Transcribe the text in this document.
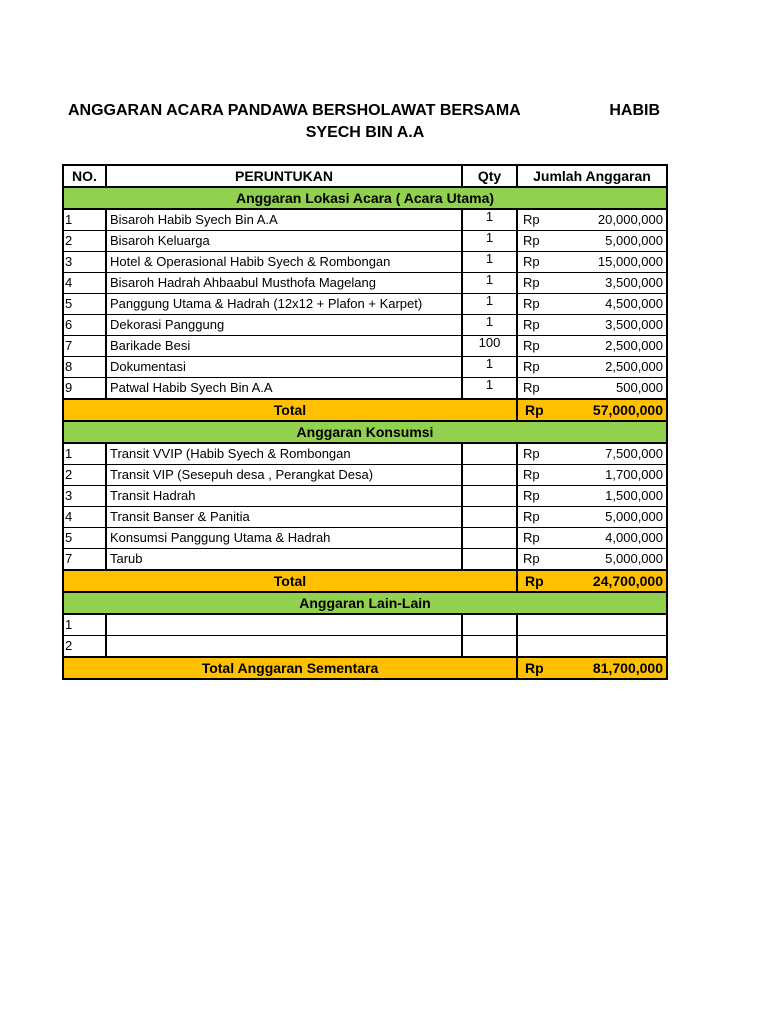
ANGGARAN ACARA PANDAWA BERSHOLAWAT BERSAMA	HABIB
SYECH BIN A.A
NO.	PERUNTUKAN	Qty	Jumlah Anggaran
Anggaran Lokasi Acara ( Acara Utama)			
1	Bisaroh Habib Syech Bin A.A	1	Rp 20,000,000

2	Bisaroh Keluarga	1	Rp 5,000,000

3	Hotel & Operasional Habib Syech & Rombongan	1	Rp 15,000,000

4	Bisaroh Hadrah Ahbaabul Musthofa Magelang	1	Rp 3,500,000

5	Panggung Utama & Hadrah (12x12 + Plafon + Karpet)	1	Rp 4,500,000

6	Dekorasi Panggung	1	Rp 3,500,000

7	Barikade Besi	100	Rp 2,500,000

8	Dokumentasi	1	Rp 2,500,000

9	Patwal Habib Syech Bin A.A	1	Rp 500,000

Total			Rp 57,000,000

Anggaran Konsumsi			
1	Transit VVIP (Habib Syech & Rombongan		Rp 7,500,000

2	Transit VIP (Sesepuh desa , Perangkat Desa)		Rp 1,700,000

3	Transit Hadrah		Rp 1,500,000

4	Transit Banser & Panitia		Rp 5,000,000

5	Konsumsi Panggung Utama & Hadrah		Rp 4,000,000

7	Tarub		Rp 5,000,000

Total			Rp 24,700,000

Anggaran Lain-Lain			
1			

2			

Total Anggaran Sementara			Rp 81,700,000
